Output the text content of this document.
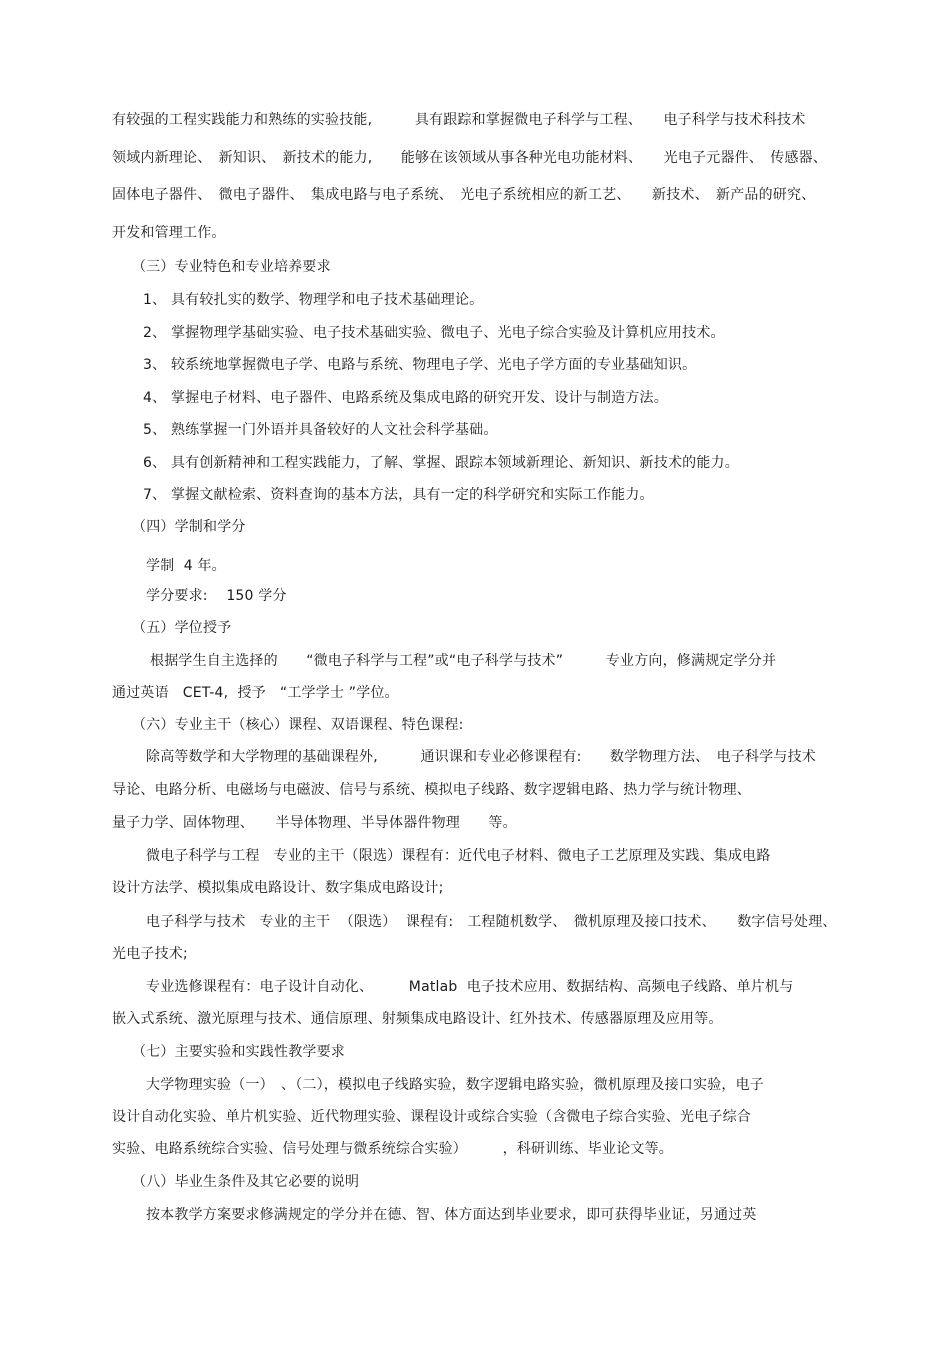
有较强的工程实践能力和熟练的实验技能,　　　具有跟踪和掌握微电子科学与工程、　　电子科学与技术科技术
领域内新理论、　新知识、　新技术的能力,　　能够在该领域从事各种光电功能材料、　　光电子元器件、　传感器、
固体电子器件、　微电子器件、　集成电路与电子系统、　光电子系统相应的新工艺、　　新技术、　新产品的研究、
开发和管理工作。
（三）专业特色和专业培养要求
1、 具有较扎实的数学、物理学和电子技术基础理论。
2、 掌握物理学基础实验、电子技术基础实验、微电子、光电子综合实验及计算机应用技术。
3、 较系统地掌握微电子学、电路与系统、物理电子学、光电子学方面的专业基础知识。
4、 掌握电子材料、电子器件、电路系统及集成电路的研究开发、设计与制造方法。
5、 熟练掌握一门外语并具备较好的人文社会科学基础。
6、 具有创新精神和工程实践能力，了解、掌握、跟踪本领域新理论、新知识、新技术的能力。
7、 掌握文献检索、资料查询的基本方法，具有一定的科学研究和实际工作能力。
（四）学制和学分
学制  4 年。
学分要求:    150 学分
（五）学位授予
根据学生自主选择的　　“微电子科学与工程”或“电子科学与技术”　　　专业方向，修满规定学分并
通过英语   CET-4,  授予   “工学学士 ”学位。
（六）专业主干（核心）课程、双语课程、特色课程:
除高等数学和大学物理的基础课程外,　　　通识课和专业必修课程有:　　数学物理方法、　电子科学与技术
导论、电路分析、电磁场与电磁波、信号与系统、模拟电子线路、数字逻辑电路、热力学与统计物理、
量子力学、固体物理、　　半导体物理、半导体器件物理　　等。
微电子科学与工程   专业的主干（限选）课程有：近代电子材料、微电子工艺原理及实践、集成电路
设计方法学、模拟集成电路设计、数字集成电路设计;
电子科学与技术   专业的主干  （限选）  课程有:   工程随机数学、　微机原理及接口技术、　　数字信号处理、
光电子技术;
专业选修课程有：电子设计自动化、　　　Matlab  电子技术应用、数据结构、高频电子线路、单片机与
嵌入式系统、激光原理与技术、通信原理、射频集成电路设计、红外技术、传感器原理及应用等。
（七）主要实验和实践性教学要求
大学物理实验（一）　、（二），模拟电子线路实验，数字逻辑电路实验，微机原理及接口实验，电子
设计自动化实验、单片机实验、近代物理实验、课程设计或综合实验（含微电子综合实验、光电子综合
实验、电路系统综合实验、信号处理与微系统综合实验）　　　，科研训练、毕业论文等。
（八）毕业生条件及其它必要的说明
按本教学方案要求修满规定的学分并在德、智、体方面达到毕业要求，即可获得毕业证，另通过英
